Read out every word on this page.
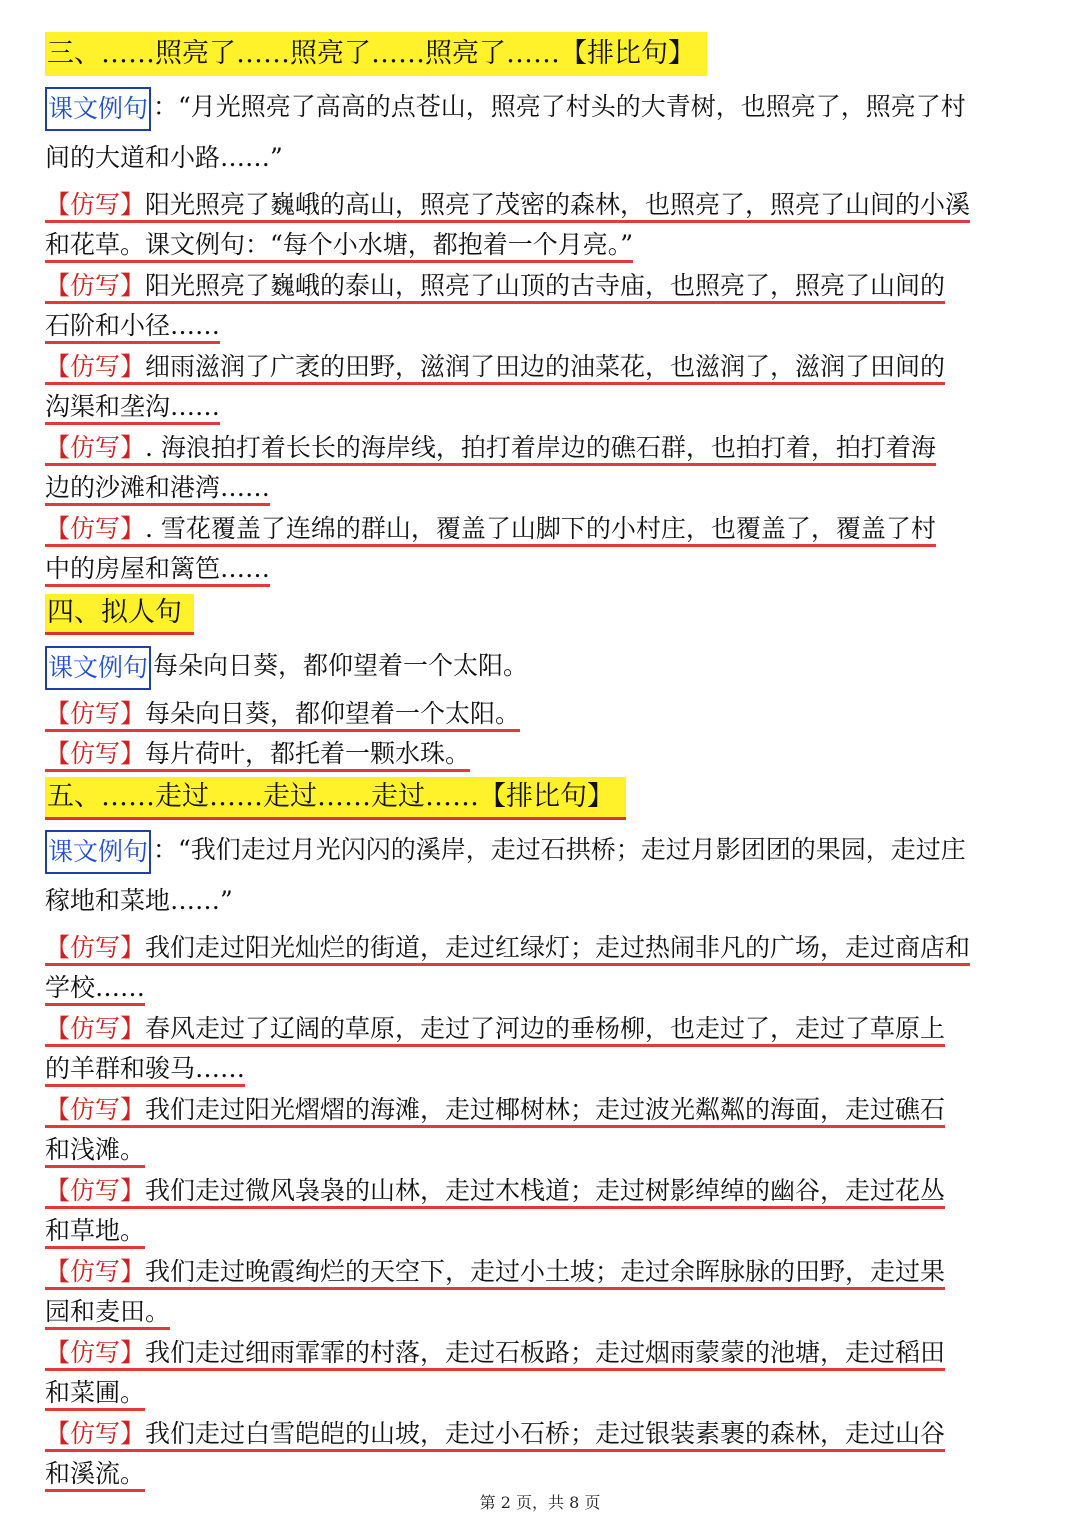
三、……照亮了……照亮了……照亮了……【排比句】
课文例句 ：“月光照亮了高高的点苍山，照亮了村头的大青树，也照亮了，照亮了村
间的大道和小路……”
【仿写】阳光照亮了巍峨的高山，照亮了茂密的森林，也照亮了，照亮了山间的小溪
和花草。课文例句：“每个小水塘，都抱着一个月亮。”
【仿写】阳光照亮了巍峨的泰山，照亮了山顶的古寺庙，也照亮了，照亮了山间的
石阶和小径……
【仿写】细雨滋润了广袤的田野，滋润了田边的油菜花，也滋润了，滋润了田间的
沟渠和垄沟……
【仿写】. 海浪拍打着长长的海岸线，拍打着岸边的礁石群，也拍打着，拍打着海
边的沙滩和港湾……
【仿写】. 雪花覆盖了连绵的群山，覆盖了山脚下的小村庄，也覆盖了，覆盖了村
中的房屋和篱笆……
四、拟人句
课文例句 每朵向日葵，都仰望着一个太阳。
【仿写】每朵向日葵，都仰望着一个太阳。
【仿写】每片荷叶，都托着一颗水珠。
五、……走过……走过……走过……【排比句】
课文例句 ：“我们走过月光闪闪的溪岸，走过石拱桥；走过月影团团的果园，走过庄
稼地和菜地……”
【仿写】我们走过阳光灿烂的街道，走过红绿灯；走过热闹非凡的广场，走过商店和
学校……
【仿写】春风走过了辽阔的草原，走过了河边的垂杨柳，也走过了，走过了草原上
的羊群和骏马……
【仿写】我们走过阳光熠熠的海滩，走过椰树林；走过波光粼粼的海面，走过礁石
和浅滩。
【仿写】我们走过微风袅袅的山林，走过木栈道；走过树影绰绰的幽谷，走过花丛
和草地。
【仿写】我们走过晚霞绚烂的天空下，走过小土坡；走过余晖脉脉的田野，走过果
园和麦田。
【仿写】我们走过细雨霏霏的村落，走过石板路；走过烟雨蒙蒙的池塘，走过稻田
和菜圃。
【仿写】我们走过白雪皑皑的山坡，走过小石桥；走过银装素裹的森林，走过山谷
和溪流。
第 2 页，共 8 页
